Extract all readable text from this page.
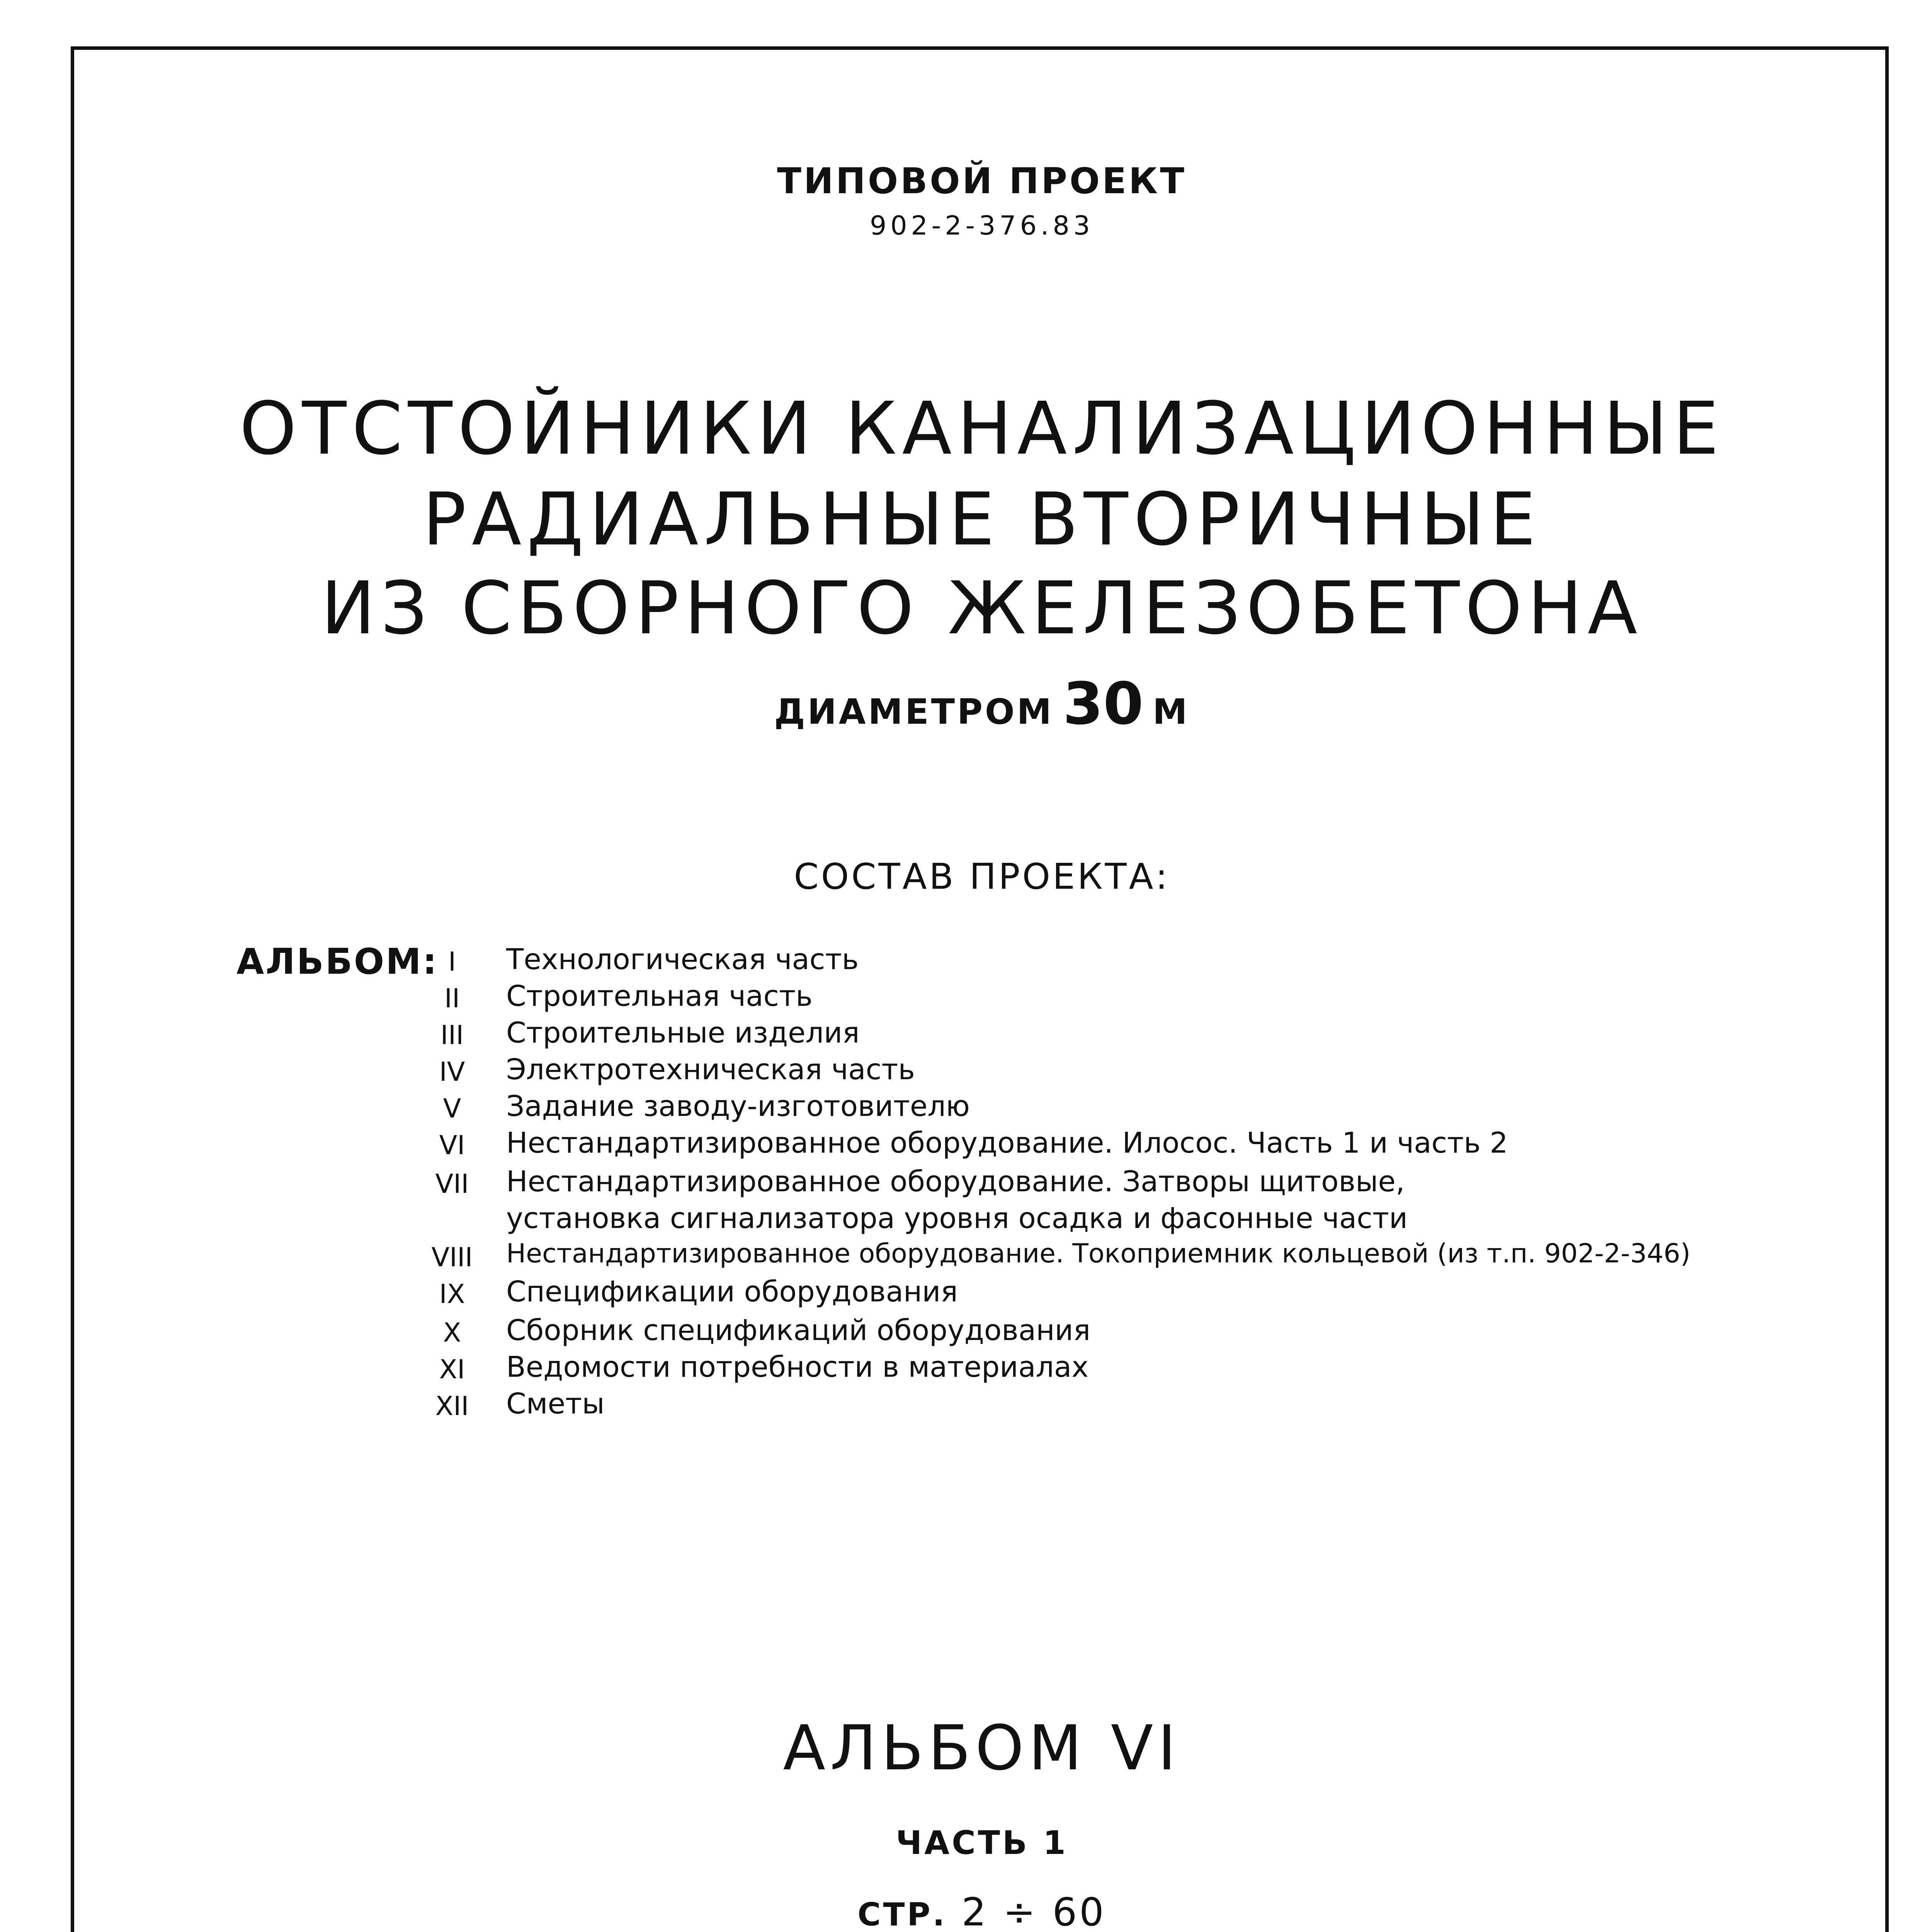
ТИПОВОЙ ПРОЕКТ
902-2-376.83
ОТСТОЙНИКИ КАНАЛИЗАЦИОННЫЕ
РАДИАЛЬНЫЕ ВТОРИЧНЫЕ
ИЗ СБОРНОГО ЖЕЛЕЗОБЕТОНА
ДИАМЕТРОМ 30 М
СОСТАВ ПРОЕКТА:
АЛЬБОМ: I	Технологическая часть
II	Строительная часть
III	Строительные изделия
IV	Электротехническая часть
V	Задание заводу-изготовителю
VI	Нестандартизированное оборудование. Илосос. Часть 1 и часть 2
VII	Нестандартизированное оборудование. Затворы щитовые,
установка сигнализатора уровня осадка и фасонные части
VIII Нестандартизированное оборудование. Токоприемник кольцевой (из т.п. 902-2-346)
IX	Спецификации оборудования
X	Сборник спецификаций оборудования
XI	Ведомости потребности в материалах
XII	Сметы
АЛЬБОМ VI
ЧАСТЬ 1
СТР. 2 ÷ 60
